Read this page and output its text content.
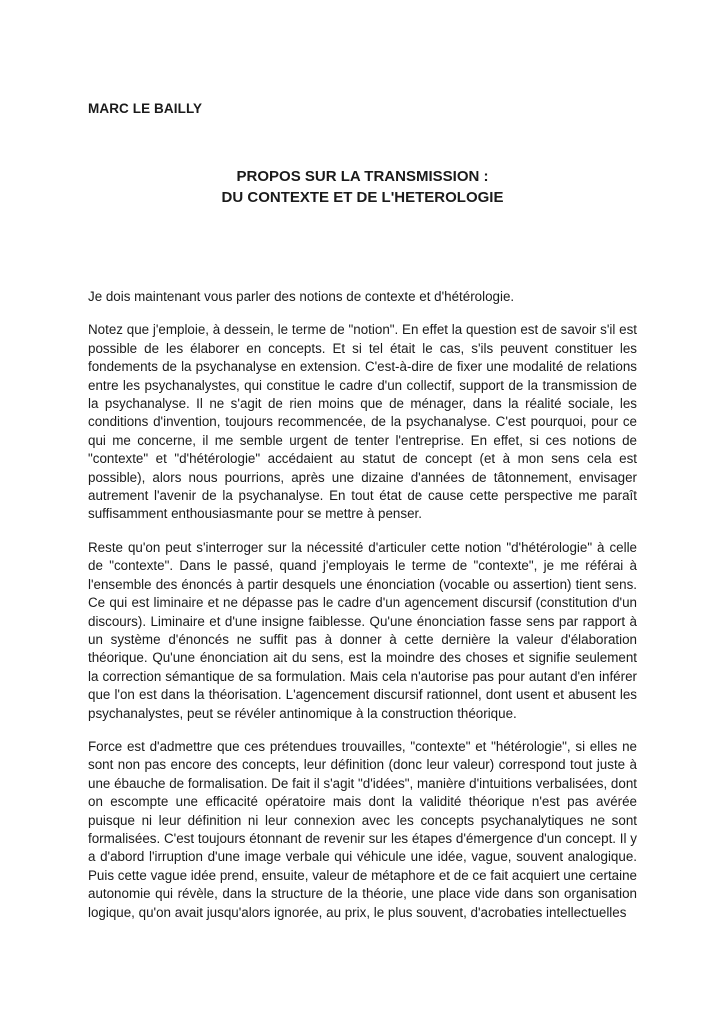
MARC LE BAILLY
PROPOS SUR LA TRANSMISSION :
DU CONTEXTE ET DE L'HETEROLOGIE

Je dois maintenant vous parler des notions de contexte et d'hétérologie.

Notez que j'emploie, à dessein, le terme de "notion". En effet la question est de savoir s'il est possible de les élaborer en concepts. Et si tel était le cas, s'ils peuvent constituer les fondements de la psychanalyse en extension. C'est-à-dire de fixer une modalité de relations entre les psychanalystes, qui constitue le cadre d'un collectif, support de la transmission de la psychanalyse. Il ne s'agit de rien moins que de ménager, dans la réalité sociale, les conditions d'invention, toujours recommencée, de la psychanalyse. C'est pourquoi, pour ce qui me concerne, il me semble urgent de tenter l'entreprise. En effet, si ces notions de "contexte" et "d'hétérologie" accédaient au statut de concept (et à mon sens cela est possible), alors nous pourrions, après une dizaine d'années de tâtonnement, envisager autrement l'avenir de la psychanalyse. En tout état de cause cette perspective me paraît suffisamment enthousiasmante pour se mettre à penser.

Reste qu'on peut s'interroger sur la nécessité d'articuler cette notion "d'hétérologie" à celle de "contexte". Dans le passé, quand j'employais le terme de "contexte", je me référai à l'ensemble des énoncés à partir desquels une énonciation (vocable ou assertion) tient sens. Ce qui est liminaire et ne dépasse pas le cadre d'un agencement discursif (constitution d'un discours). Liminaire et d'une insigne faiblesse. Qu'une énonciation fasse sens par rapport à un système d'énoncés ne suffit pas à donner à cette dernière la valeur d'élaboration théorique. Qu'une énonciation ait du sens, est la moindre des choses et signifie seulement la correction sémantique de sa formulation. Mais cela n'autorise pas pour autant d'en inférer que l'on est dans la théorisation. L'agencement discursif rationnel, dont usent et abusent les psychanalystes, peut se révéler antinomique à la construction théorique.

Force est d'admettre que ces prétendues trouvailles, "contexte" et "hétérologie", si elles ne sont non pas encore des concepts, leur définition (donc leur valeur) correspond tout juste à une ébauche de formalisation. De fait il s'agit "d'idées", manière d'intuitions verbalisées, dont on escompte une efficacité opératoire mais dont la validité théorique n'est pas avérée puisque ni leur définition ni leur connexion avec les concepts psychanalytiques ne sont formalisées. C'est toujours étonnant de revenir sur les étapes d'émergence d'un concept. Il y a d'abord l'irruption d'une image verbale qui véhicule une idée, vague, souvent analogique. Puis cette vague idée prend, ensuite, valeur de métaphore et de ce fait acquiert une certaine autonomie qui révèle, dans la structure de la théorie, une place vide dans son organisation logique, qu'on avait jusqu'alors ignorée, au prix, le plus souvent, d'acrobaties intellectuelles
